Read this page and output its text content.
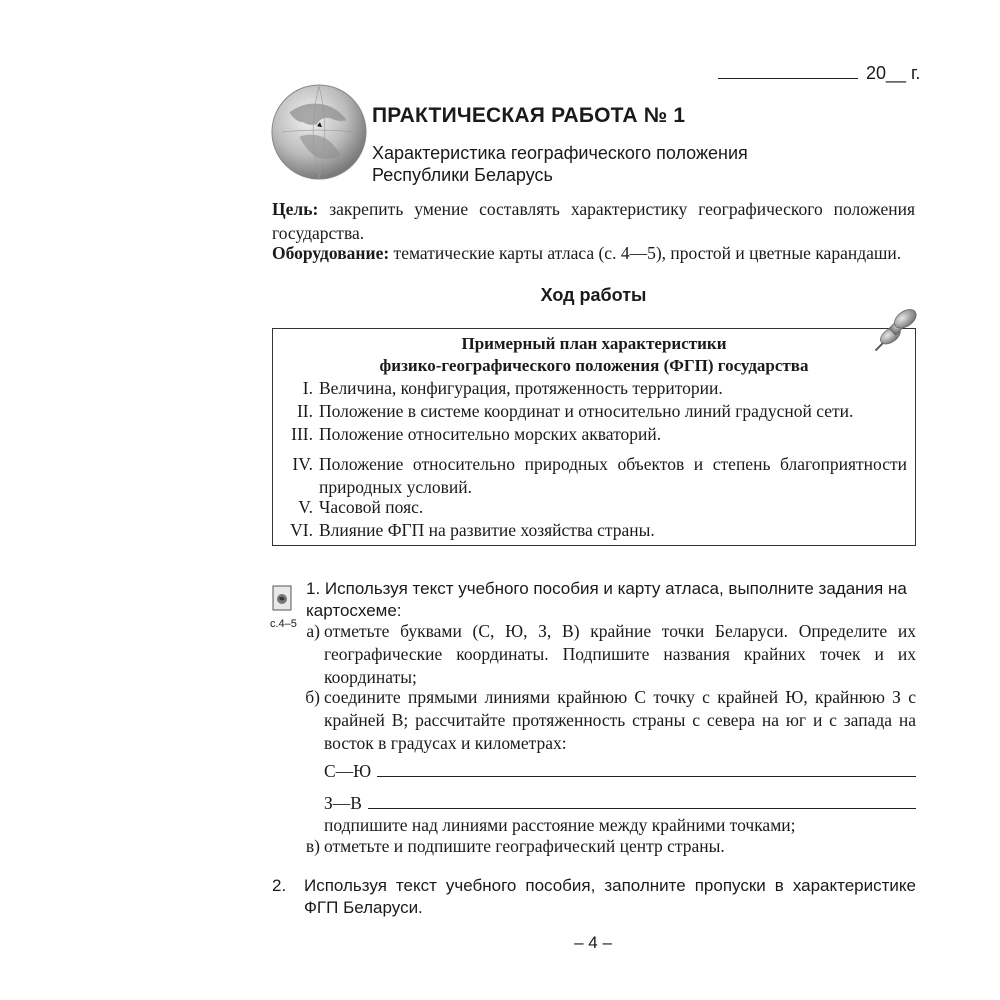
20__ г.
ПРАКТИЧЕСКАЯ РАБОТА № 1
Характеристика географического положения
Республики Беларусь
Цель: закрепить умение составлять характеристику географического положения государства.
Оборудование: тематические карты атласа (с. 4—5), простой и цветные карандаши.
Ход работы
Примерный план характеристики
физико-географического положения (ФГП) государства
I. Величина, конфигурация, протяженность территории.
II. Положение в системе координат и относительно линий градусной сети.
III. Положение относительно морских акваторий.
IV. Положение относительно природных объектов и степень благоприятности природных условий.
V. Часовой пояс.
VI. Влияние ФГП на развитие хозяйства страны.
с.4–5
1. Используя текст учебного пособия и карту атласа, выполните задания на картосхеме:
а) отметьте буквами (С, Ю, З, В) крайние точки Беларуси. Определите их географические координаты. Подпишите названия крайних точек и их координаты;
б) соедините прямыми линиями крайнюю С точку с крайней Ю, крайнюю З с крайней В; рассчитайте протяженность страны с севера на юг и с запада на восток в градусах и километрах:
С—Ю
З—В
подпишите над линиями расстояние между крайними точками;
в) отметьте и подпишите географический центр страны.
2.	Используя текст учебного пособия, заполните пропуски в характеристике ФГП Беларуси.
– 4 –
